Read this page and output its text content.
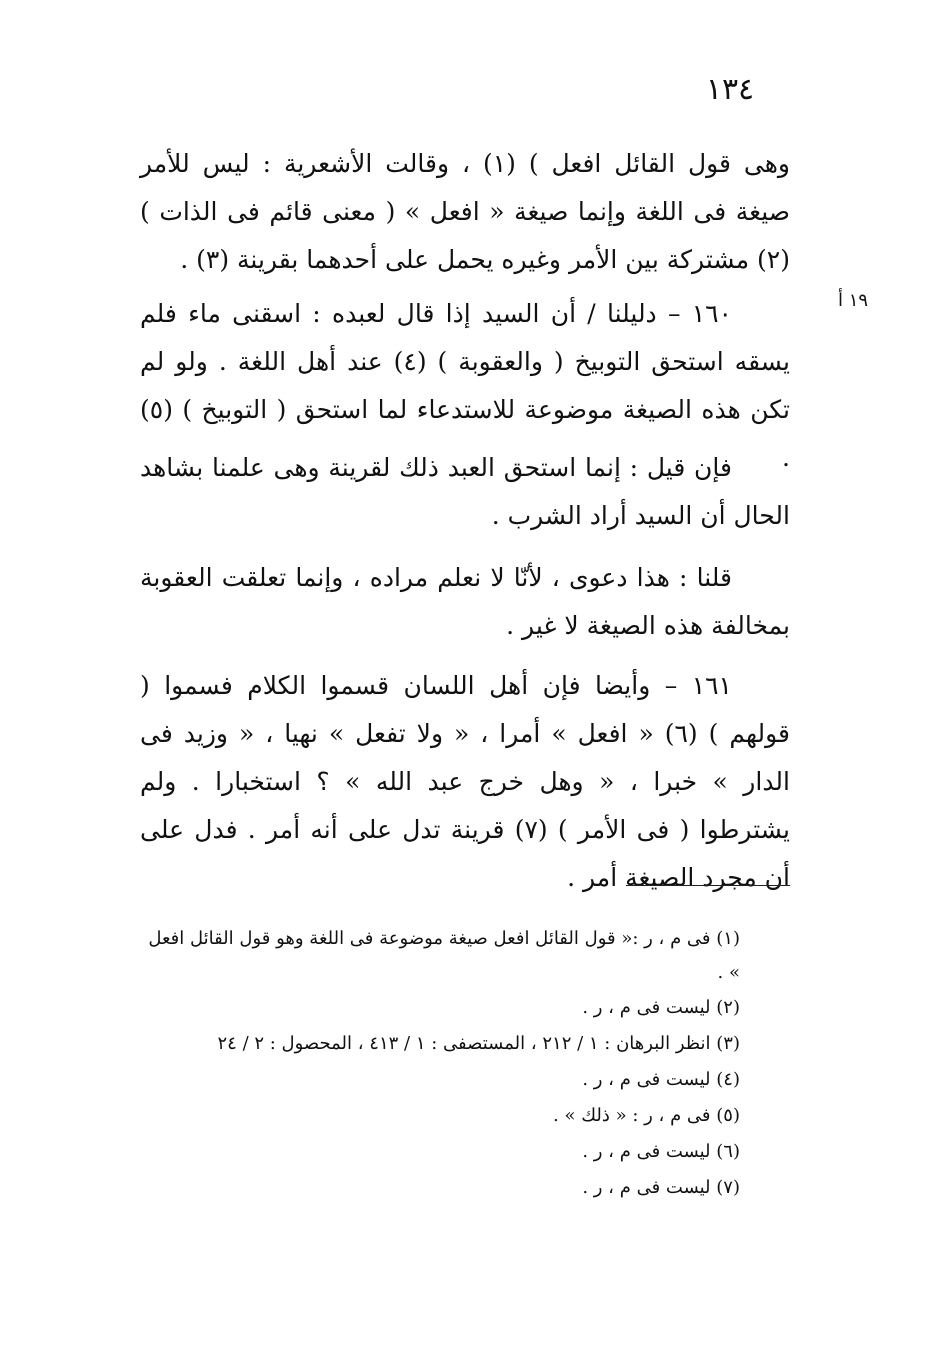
١٣٤
١٩ أ

وهى قول القائل افعل ) (١) ، وقالت الأشعرية : ليس للأمر صيغة فى اللغة وإنما صيغة « افعل » ( معنى قائم فى الذات ) (٢) مشتركة بين الأمر وغيره يحمل على أحدهما بقرينة (٣) .

١٦٠ – دليلنا / أن السيد إذا قال لعبده : اسقنى ماء فلم يسقه استحق التوبيخ ( والعقوبة ) (٤) عند أهل اللغة . ولو لم تكن هذه الصيغة موضوعة للاستدعاء لما استحق ( التوبيخ ) (٥) .

فإن قيل : إنما استحق العبد ذلك لقرينة وهى علمنا بشاهد الحال أن السيد أراد الشرب .

قلنا : هذا دعوى ، لأنّا لا نعلم مراده ، وإنما تعلقت العقوبة بمخالفة هذه الصيغة لا غير .

١٦١ – وأيضا فإن أهل اللسان قسموا الكلام فسموا ( قولهم ) (٦) « افعل » أمرا ، « ولا تفعل » نهيا ، « وزيد فى الدار » خبرا ، « وهل خرج عبد الله » ؟ استخبارا . ولم يشترطوا ( فى الأمر ) (٧) قرينة تدل على أنه أمر . فدل على أن مجرد الصيغة أمر .

(١) فى م ، ر :« قول القائل افعل صيغة موضوعة فى اللغة وهو قول القائل افعل » .
(٢) ليست فى م ، ر .
(٣) انظر البرهان : ١ / ٢١٢ ، المستصفى : ١ / ٤١٣ ، المحصول : ٢ / ٢٤
(٤) ليست فى م ، ر .
(٥) فى م ، ر : « ذلك » .
(٦) ليست فى م ، ر .
(٧) ليست فى م ، ر .
